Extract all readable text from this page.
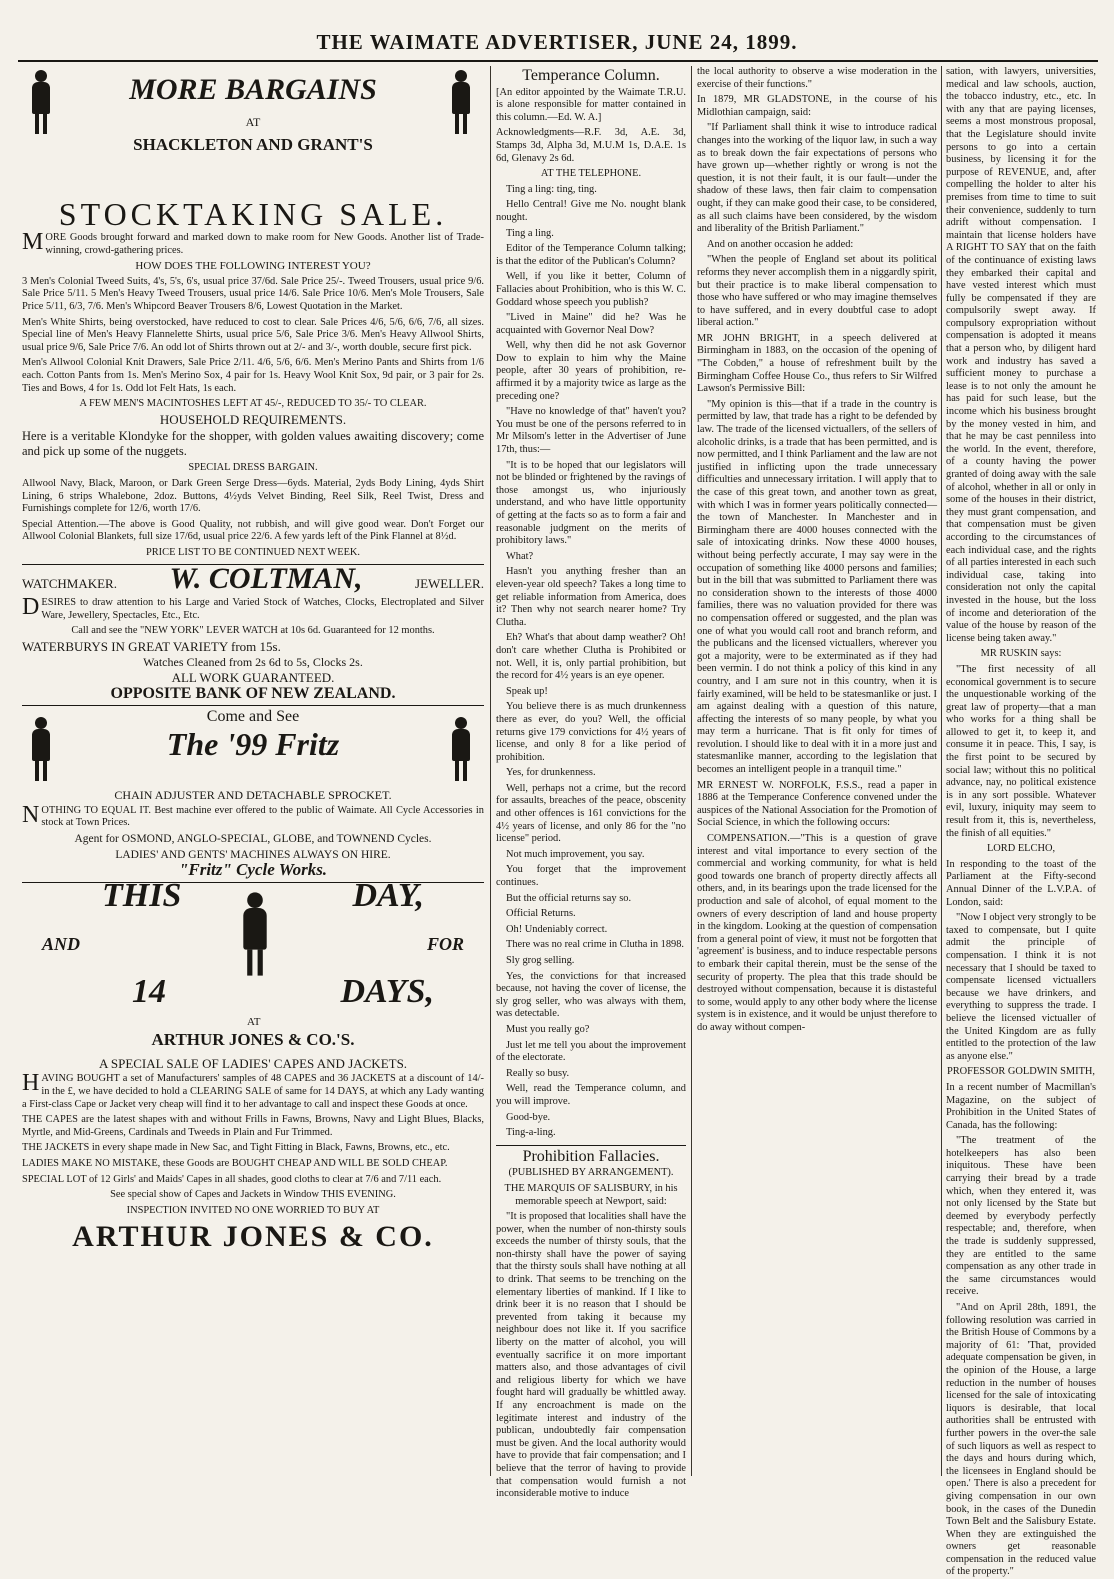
THE WAIMATE ADVERTISER, JUNE 24, 1899.
MORE BARGAINS
AT
SHACKLETON AND GRANT'S
STOCKTAKING SALE.

MORE Goods brought forward and marked down to make room for New Goods. Another list of Trade-winning, crowd-gathering prices.

HOW DOES THE FOLLOWING INTEREST YOU?

3 Men's Colonial Tweed Suits, 4's, 5's, 6's, usual price 37/6d. Sale Price 25/-. Tweed Trousers, usual price 9/6. Sale Price 5/11. 5 Men's Heavy Tweed Trousers, usual price 14/6. Sale Price 10/6. Men's Mole Trousers, Sale Price 5/11, 6/3, 7/6. Men's Whipcord Beaver Trousers 8/6, Lowest Quotation in the Market.

Men's White Shirts, being overstocked, have reduced to cost to clear. Sale Prices 4/6, 5/6, 6/6, 7/6, all sizes. Special line of Men's Heavy Flannelette Shirts, usual price 5/6, Sale Price 3/6. Men's Heavy Allwool Shirts, usual price 9/6, Sale Price 7/6. An odd lot of Shirts thrown out at 2/- and 3/-, worth double, secure first pick.

Men's Allwool Colonial Knit Drawers, Sale Price 2/11. 4/6, 5/6, 6/6. Men's Merino Pants and Shirts from 1/6 each. Cotton Pants from 1s. Men's Merino Sox, 4 pair for 1s. Heavy Wool Knit Sox, 9d pair, or 3 pair for 2s. Ties and Bows, 4 for 1s. Odd lot Felt Hats, 1s each.

A FEW MEN'S MACINTOSHES LEFT AT 45/-, REDUCED TO 35/- TO CLEAR.

HOUSEHOLD REQUIREMENTS.

Here is a veritable Klondyke for the shopper, with golden values awaiting discovery; come and pick up some of the nuggets.

SPECIAL DRESS BARGAIN.

Allwool Navy, Black, Maroon, or Dark Green Serge Dress—6yds. Material, 2yds Body Lining, 4yds Shirt Lining, 6 strips Whalebone, 2doz. Buttons, 4½yds Velvet Binding, Reel Silk, Reel Twist, Dress and Furnishings complete for 12/6, worth 17/6.

Special Attention.—The above is Good Quality, not rubbish, and will give good wear. Don't Forget our Allwool Colonial Blankets, full size 17/6d, usual price 22/6. A few yards left of the Pink Flannel at 8½d.

PRICE LIST TO BE CONTINUED NEXT WEEK.

WATCHMAKER. W. COLTMAN,	JEWELLER.

DESIRES to draw attention to his Large and Varied Stock of Watches, Clocks, Electroplated and Silver Ware, Jewellery, Spectacles, Etc., Etc.

Call and see the "NEW YORK" LEVER WATCH at 10s 6d. Guaranteed for 12 months.

WATERBURYS IN GREAT VARIETY from 15s.

Watches Cleaned from 2s 6d to 5s, Clocks 2s.

ALL WORK GUARANTEED.

OPPOSITE BANK OF NEW ZEALAND.

Come and See
The '99 Fritz

CHAIN ADJUSTER AND DETACHABLE SPROCKET.

NOTHING TO EQUAL IT. Best machine ever offered to the public of Waimate. All Cycle Accessories in stock at Town Prices.

Agent for OSMOND, ANGLO-SPECIAL, GLOBE, and TOWNEND Cycles.

LADIES' AND GENTS' MACHINES ALWAYS ON HIRE.

"Fritz" Cycle Works.

THIS	DAY,
AND	FOR
14	DAYS,
AT
ARTHUR JONES & CO.'S.

A SPECIAL SALE OF LADIES' CAPES AND JACKETS.

HAVING BOUGHT a set of Manufacturers' samples of 48 CAPES and 36 JACKETS at a discount of 14/- in the £, we have decided to hold a CLEARING SALE of same for 14 DAYS, at which any Lady wanting a First-class Cape or Jacket very cheap will find it to her advantage to call and inspect these Goods at once.

THE CAPES are the latest shapes with and without Frills in Fawns, Browns, Navy and Light Blues, Blacks, Myrtle, and Mid-Greens, Cardinals and Tweeds in Plain and Fur Trimmed.

THE JACKETS in every shape made in New Sac, and Tight Fitting in Black, Fawns, Browns, etc., etc.

LADIES MAKE NO MISTAKE, these Goods are BOUGHT CHEAP AND WILL BE SOLD CHEAP.

SPECIAL LOT of 12 Girls' and Maids' Capes in all shades, good cloths to clear at 7/6 and 7/11 each.

See special show of Capes and Jackets in Window THIS EVENING.

INSPECTION INVITED NO ONE WORRIED TO BUY AT

ARTHUR JONES & CO.

Temperance Column.

[An editor appointed by the Waimate T.R.U. is alone responsible for matter contained in this column.—Ed. W. A.]

Acknowledgments—R.F. 3d, A.E. 3d, Stamps 3d, Alpha 3d, M.U.M 1s, D.A.E. 1s 6d, Glenavy 2s 6d.

AT THE TELEPHONE.

Ting a ling: ting, ting.

Hello Central! Give me No. nought blank nought.

Ting a ling.

Editor of the Temperance Column talking; is that the editor of the Publican's Column?

Well, if you like it better, Column of Fallacies about Prohibition, who is this W. C. Goddard whose speech you publish?

"Lived in Maine" did he? Was he acquainted with Governor Neal Dow?

Well, why then did he not ask Governor Dow to explain to him why the Maine people, after 30 years of prohibition, re-affirmed it by a majority twice as large as the preceding one?

"Have no knowledge of that" haven't you? You must be one of the persons referred to in Mr Milsom's letter in the Advertiser of June 17th, thus:—

"It is to be hoped that our legislators will not be blinded or frightened by the ravings of those amongst us, who injuriously understand, and who have little opportunity of getting at the facts so as to form a fair and reasonable judgment on the merits of prohibitory laws."

What?

Hasn't you anything fresher than an eleven-year old speech? Takes a long time to get reliable information from America, does it? Then why not search nearer home? Try Clutha.

Eh? What's that about damp weather? Oh! don't care whether Clutha is Prohibited or not. Well, it is, only partial prohibition, but the record for 4½ years is an eye opener.

Speak up!

You believe there is as much drunkenness there as ever, do you? Well, the official returns give 179 convictions for 4½ years of license, and only 8 for a like period of prohibition.

Yes, for drunkenness.

Well, perhaps not a crime, but the record for assaults, breaches of the peace, obscenity and other offences is 161 convictions for the 4½ years of license, and only 86 for the "no license" period.

Not much improvement, you say.

You forget that the improvement continues.

But the official returns say so.

Official Returns.

Oh! Undeniably correct.

There was no real crime in Clutha in 1898.

Sly grog selling.

Yes, the convictions for that increased because, not having the cover of license, the sly grog seller, who was always with them, was detectable.

Must you really go?

Just let me tell you about the improvement of the electorate.

Really so busy.

Well, read the Temperance column, and you will improve.

Good-bye.

Ting-a-ling.

Prohibition Fallacies.

(PUBLISHED BY ARRANGEMENT).

THE MARQUIS OF SALISBURY, in his memorable speech at Newport, said:

"It is proposed that localities shall have the power, when the number of non-thirsty souls exceeds the number of thirsty souls, that the non-thirsty shall have the power of saying that the thirsty souls shall have nothing at all to drink. That seems to be trenching on the elementary liberties of mankind. If I like to drink beer it is no reason that I should be prevented from taking it because my neighbour does not like it. If you sacrifice liberty on the matter of alcohol, you will eventually sacrifice it on more important matters also, and those advantages of civil and religious liberty for which we have fought hard will gradually be whittled away. If any encroachment is made on the legitimate interest and industry of the publican, undoubtedly fair compensation must be given. And the local authority would have to provide that fair compensation; and I believe that the terror of having to provide that compensation would furnish a not inconsiderable motive to induce

the local authority to observe a wise moderation in the exercise of their functions."

In 1879, MR GLADSTONE, in the course of his Midlothian campaign, said:

"If Parliament shall think it wise to introduce radical changes into the working of the liquor law, in such a way as to break down the fair expectations of persons who have grown up—whether rightly or wrong is not the question, it is not their fault, it is our fault—under the shadow of these laws, then fair claim to compensation ought, if they can make good their case, to be considered, as all such claims have been considered, by the wisdom and liberality of the British Parliament."

And on another occasion he added:

"When the people of England set about its political reforms they never accomplish them in a niggardly spirit, but their practice is to make liberal compensation to those who have suffered or who may imagine themselves to have suffered, and in every doubtful case to adopt liberal action."

MR JOHN BRIGHT, in a speech delivered at Birmingham in 1883, on the occasion of the opening of "The Cobden," a house of refreshment built by the Birmingham Coffee House Co., thus refers to Sir Wilfred Lawson's Permissive Bill:

"My opinion is this—that if a trade in the country is permitted by law, that trade has a right to be defended by law. The trade of the licensed victuallers, of the sellers of alcoholic drinks, is a trade that has been permitted, and is now permitted, and I think Parliament and the law are not justified in inflicting upon the trade unnecessary difficulties and unnecessary irritation. I will apply that to the case of this great town, and another town as great, with which I was in former years politically connected—the town of Manchester. In Manchester and in Birmingham there are 4000 houses connected with the sale of intoxicating drinks. Now these 4000 houses, without being perfectly accurate, I may say were in the occupation of something like 4000 persons and families; but in the bill that was submitted to Parliament there was no consideration shown to the interests of those 4000 families, there was no valuation provided for there was no compensation offered or suggested, and the plan was one of what you would call root and branch reform, and the publicans and the licensed victuallers, wherever you got a majority, were to be exterminated as if they had been vermin. I do not think a policy of this kind in any country, and I am sure not in this country, when it is fairly examined, will be held to be statesmanlike or just. I am against dealing with a question of this nature, affecting the interests of so many people, by what you may term a hurricane. That is fit only for times of revolution. I should like to deal with it in a more just and statesmanlike manner, according to the legislation that becomes an intelligent people in a tranquil time."

MR ERNEST W. NORFOLK, F.S.S., read a paper in 1886 at the Temperance Conference convened under the auspices of the National Association for the Promotion of Social Science, in which the following occurs:

COMPENSATION.—"This is a question of grave interest and vital importance to every section of the commercial and working community, for what is held good towards one branch of property directly affects all others, and, in its bearings upon the trade licensed for the production and sale of alcohol, of equal moment to the owners of every description of land and house property in the kingdom. Looking at the question of compensation from a general point of view, it must not be forgotten that 'agreement' is business, and to induce respectable persons to embark their capital therein, must be the sense of the security of property. The plea that this trade should be destroyed without compensation, because it is distasteful to some, would apply to any other body where the license system is in existence, and it would be unjust therefore to do away without compen-

sation, with lawyers, universities, medical and law schools, auction, the tobacco industry, etc., etc. In with any that are paying licenses, seems a most monstrous proposal, that the Legislature should invite persons to go into a certain business, by licensing it for the purpose of REVENUE, and, after compelling the holder to alter his premises from time to time to suit their convenience, suddenly to turn adrift without compensation. I maintain that license holders have A RIGHT TO SAY that on the faith of the continuance of existing laws they embarked their capital and have vested interest which must fully be compensated if they are compulsorily swept away. If compulsory expropriation without compensation is adopted it means that a person who, by diligent hard work and industry has saved a sufficient money to purchase a lease is to not only the amount he has paid for such lease, but the income which his business brought by the money vested in him, and that he may be cast penniless into the world. In the event, therefore, of a county having the power granted of doing away with the sale of alcohol, whether in all or only in some of the houses in their district, they must grant compensation, and that compensation must be given according to the circumstances of each individual case, and the rights of all parties interested in each such individual case, taking into consideration not only the capital invested in the house, but the loss of income and deterioration of the value of the house by reason of the license being taken away."

MR RUSKIN says:

"The first necessity of all economical government is to secure the unquestionable working of the great law of property—that a man who works for a thing shall be allowed to get it, to keep it, and consume it in peace. This, I say, is the first point to be secured by social law; without this no political advance, nay, no political existence is in any sort possible. Whatever evil, luxury, iniquity may seem to result from it, this is, nevertheless, the finish of all equities."

LORD ELCHO,

In responding to the toast of the Parliament at the Fifty-second Annual Dinner of the L.V.P.A. of London, said:

"Now I object very strongly to be taxed to compensate, but I quite admit the principle of compensation. I think it is not necessary that I should be taxed to compensate licensed victuallers because we have drinkers, and everything to suppress the trade. I believe the licensed victualler of the United Kingdom are as fully entitled to the protection of the law as anyone else."

PROFESSOR GOLDWIN SMITH,

In a recent number of Macmillan's Magazine, on the subject of Prohibition in the United States of Canada, has the following:

"The treatment of the hotelkeepers has also been iniquitous. These have been carrying their bread by a trade which, when they entered it, was not only licensed by the State but deemed by everybody perfectly respectable; and, therefore, when the trade is suddenly suppressed, they are entitled to the same compensation as any other trade in the same circumstances would receive.

"And on April 28th, 1891, the following resolution was carried in the British House of Commons by a majority of 61: 'That, provided adequate compensation be given, in the opinion of the House, a large reduction in the number of houses licensed for the sale of intoxicating liquors is desirable, that local authorities shall be entrusted with further powers in the over-the sale of such liquors as well as respect to the days and hours during which, the licensees in England should be open.' There is also a precedent for giving compensation in our own book, in the cases of the Dunedin Town Belt and the Salisbury Estate. When they are extinguished the owners get reasonable compensation in the reduced value of the property."
